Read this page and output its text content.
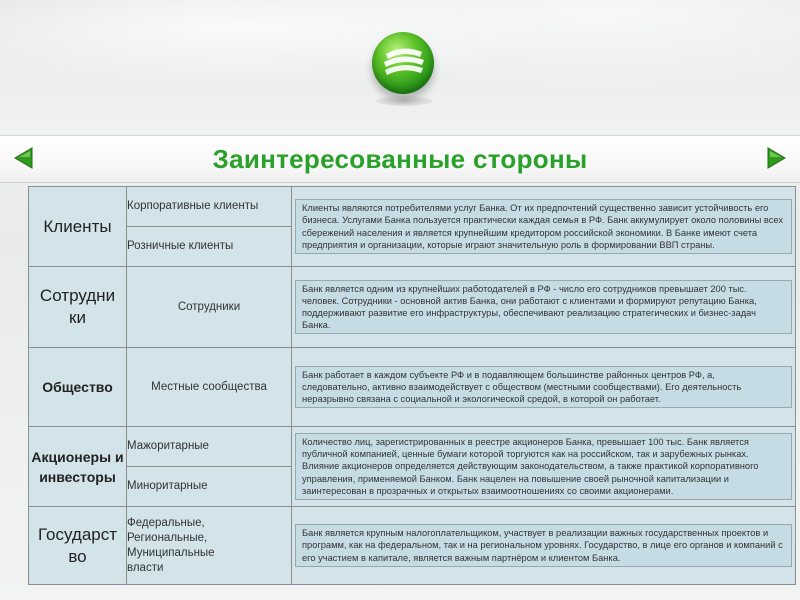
Заинтересованные стороны
Клиенты	Корпоративные клиенты	Клиенты являются потребителями услуг Банка. От их предпочтений существенно зависит устойчивость его бизнеса. Услугами Банка пользуется практически каждая семья в РФ. Банк аккумулирует около половины всех сбережений населения и является крупнейшим кредитором российской экономики. В Банке имеют счета предприятия и организации, которые играют значительную роль в формировании ВВП страны.

	Розничные клиенты	
Сотрудники	Сотрудники	Банк является одним из крупнейших работодателей в РФ - число его сотрудников превышает 200 тыс. человек. Сотрудники - основной актив Банка, они работают с клиентами и формируют репутацию Банка, поддерживают развитие его инфраструктуры, обеспечивают реализацию стратегических и бизнес-задач Банка.

Общество	Местные сообщества	Банк работает в каждом субъекте РФ и в подавляющем большинстве районных центров РФ, а, следовательно, активно взаимодействует с обществом (местными сообществами). Его деятельность неразрывно связана с социальной и экологической средой, в которой он работает.

Акционеры и инвесторы	Мажоритарные	Количество лиц, зарегистрированных в реестре акционеров Банка, превышает 100 тыс. Банк является публичной компанией, ценные бумаги которой торгуются как на российском, так и зарубежных рынках. Влияние акционеров определяется действующим законодательством, а также практикой корпоративного управления, применяемой Банком. Банк нацелен на повышение своей рыночной капитализации и заинтересован в прозрачных и открытых взаимоотношениях со своими акционерами.

	Миноритарные	
Государство	Федеральные, Региональные, Муниципальные власти	Банк является крупным налогоплательщиком, участвует в реализации важных государственных проектов и программ, как на федеральном, так и на региональном уровнях. Государство, в лице его органов и компаний с его участием в капитале, является важным партнёром и клиентом Банка.
